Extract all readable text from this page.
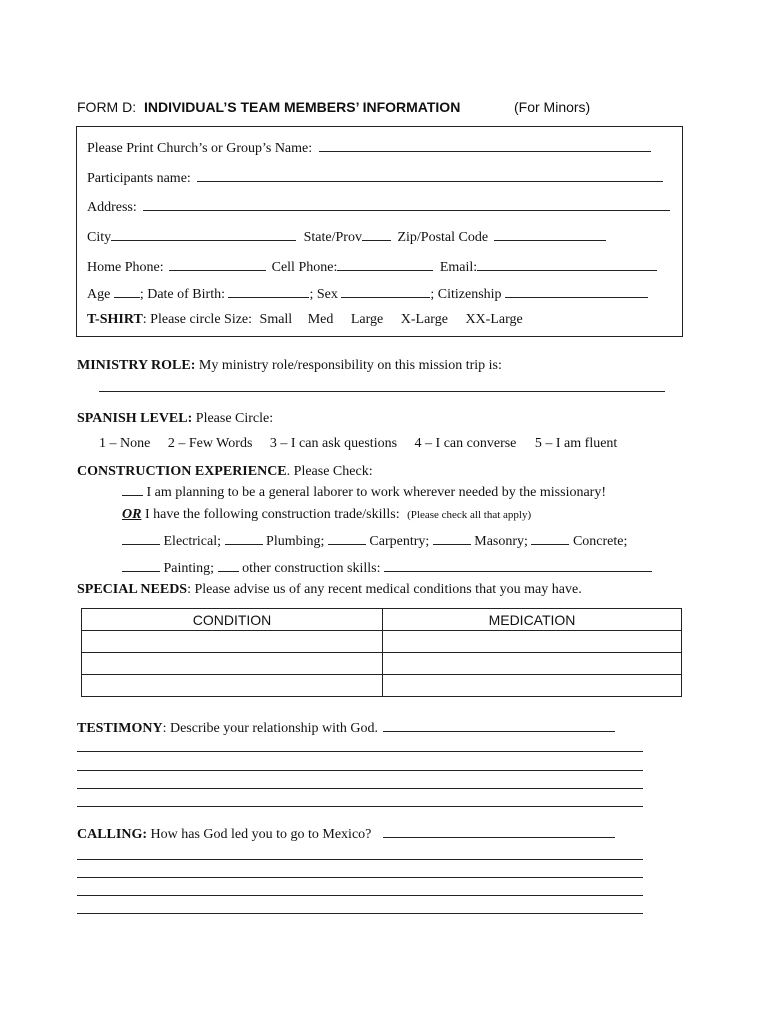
FORM D: INDIVIDUAL’S TEAM MEMBERS’ INFORMATION	(For Minors)
Please Print Church’s or Group’s Name:
Participants name:
Address:
City	State/Prov	Zip/Postal Code
Home Phone:	Cell Phone:	Email:
Age ; Date of Birth:	; Sex	; Citizenship
T-SHIRT: Please circle Size: Small Med Large X-Large XX-Large
MINISTRY ROLE: My ministry role/responsibility on this mission trip is:
SPANISH LEVEL: Please Circle:
1 – None 2 – Few Words 3 – I can ask questions 4 – I can converse 5 – I am fluent
CONSTRUCTION EXPERIENCE. Please Check:
I am planning to be a general laborer to work wherever needed by the missionary!
OR I have the following construction trade/skills: (Please check all that apply)
Electrical;	Plumbing;	Carpentry;	Masonry;	Concrete;
Painting; other construction skills:
SPECIAL NEEDS: Please advise us of any recent medical conditions that you may have.
CONDITION	MEDICATION

TESTIMONY: Describe your relationship with God.
CALLING: How has God led you to go to Mexico?
